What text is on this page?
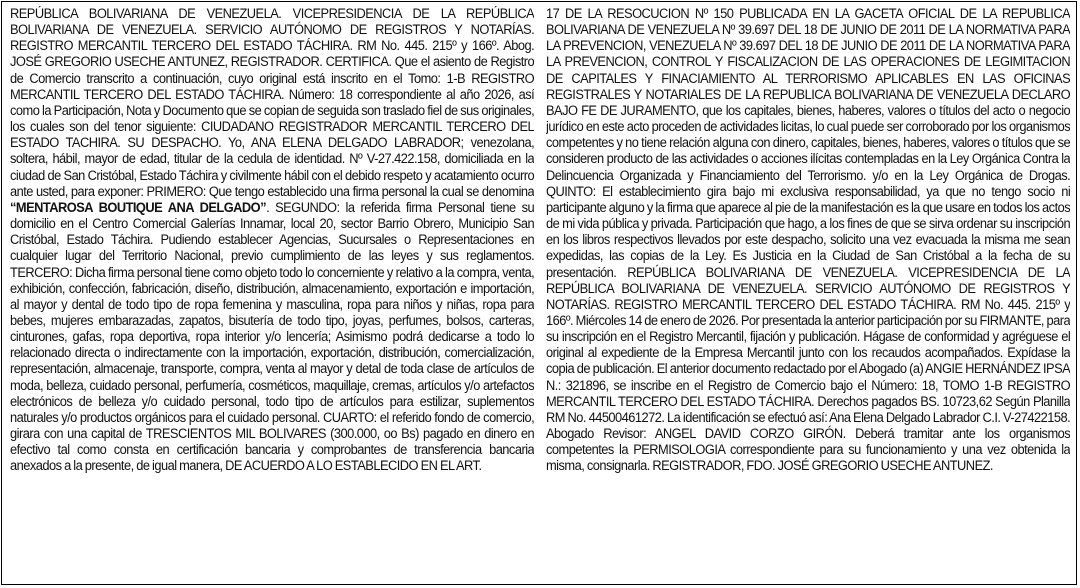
REPÚBLICA BOLIVARIANA DE VENEZUELA. VICEPRESIDENCIA DE LA REPÚBLICA BOLIVARIANA DE VENEZUELA. SERVICIO AUTÓNOMO DE REGISTROS Y NOTARÍAS. REGISTRO MERCANTIL TERCERO DEL ESTADO TÁCHIRA. RM No. 445. 215º y 166º. Abog. JOSÉ GREGORIO USECHE ANTUNEZ, REGISTRADOR. CERTIFICA. Que el asiento de Registro de Comercio transcrito a continuación, cuyo original está inscrito en el Tomo: 1-B REGISTRO MERCANTIL TERCERO DEL ESTADO TÁCHIRA. Número: 18 correspondiente al año 2026, así como la Participación, Nota y Documento que se copian de seguida son traslado fiel de sus originales, los cuales son del tenor siguiente: CIUDADANO REGISTRADOR MERCANTIL TERCERO DEL ESTADO TACHIRA. SU DESPACHO. Yo, ANA ELENA DELGADO LABRADOR; venezolana, soltera, hábil, mayor de edad, titular de la cedula de identidad. Nº V-27.422.158, domiciliada en la ciudad de San Cristóbal, Estado Táchira y civilmente hábil con el debido respeto y acatamiento ocurro ante usted, para exponer: PRIMERO: Que tengo establecido una firma personal la cual se denomina “MENTAROSA BOUTIQUE ANA DELGADO”. SEGUNDO: la referida firma Personal tiene su domicilio en el Centro Comercial Galerías Innamar, local 20, sector Barrio Obrero, Municipio San Cristóbal, Estado Táchira. Pudiendo establecer Agencias, Sucursales o Representaciones en cualquier lugar del Territorio Nacional, previo cumplimiento de las leyes y sus reglamentos. TERCERO: Dicha firma personal tiene como objeto todo lo concerniente y relativo a la compra, venta, exhibición, confección, fabricación, diseño, distribución, almacenamiento, exportación e importación, al mayor y dental de todo tipo de ropa femenina y masculina, ropa para niños y niñas, ropa para bebes, mujeres embarazadas, zapatos, bisutería de todo tipo, joyas, perfumes, bolsos, carteras, cinturones, gafas, ropa deportiva, ropa interior y/o lencería; Asimismo podrá dedicarse a todo lo relacionado directa o indirectamente con la importación, exportación, distribución, comercialización, representación, almacenaje, transporte, compra, venta al mayor y detal de toda clase de artículos de moda, belleza, cuidado personal, perfumería, cosméticos, maquillaje, cremas, artículos y/o artefactos electrónicos de belleza y/o cuidado personal, todo tipo de artículos para estilizar, suplementos naturales y/o productos orgánicos para el cuidado personal. CUARTO: el referido fondo de comercio, girara con una capital de TRESCIENTOS MIL BOLIVARES (300.000, oo Bs) pagado en dinero en efectivo tal como consta en certificación bancaria y comprobantes de transferencia bancaria anexados a la presente, de igual manera, DE ACUERDO A LO ESTABLECIDO EN EL ART.

17 DE LA RESOCUCION Nº 150 PUBLICADA EN LA GACETA OFICIAL DE LA REPUBLICA BOLIVARIANA DE VENEZUELA Nº 39.697 DEL 18 DE JUNIO DE 2011 DE LA NORMATIVA PARA LA PREVENCION, VENEZUELA Nº 39.697 DEL 18 DE JUNIO DE 2011 DE LA NORMATIVA PARA LA PREVENCION, CONTROL Y FISCALIZACION DE LAS OPERACIONES DE LEGIMITACION DE CAPITALES Y FINACIAMIENTO AL TERRORISMO APLICABLES EN LAS OFICINAS REGISTRALES Y NOTARIALES DE LA REPUBLICA BOLIVARIANA DE VENEZUELA DECLARO BAJO FE DE JURAMENTO, que los capitales, bienes, haberes, valores o títulos del acto o negocio jurídico en este acto proceden de actividades licitas, lo cual puede ser corroborado por los organismos competentes y no tiene relación alguna con dinero, capitales, bienes, haberes, valores o títulos que se consideren producto de las actividades o acciones ilícitas contempladas en la Ley Orgánica Contra la Delincuencia Organizada y Financiamiento del Terrorismo. y/o en la Ley Orgánica de Drogas. QUINTO: El establecimiento gira bajo mi exclusiva responsabilidad, ya que no tengo socio ni participante alguno y la firma que aparece al pie de la manifestación es la que usare en todos los actos de mi vida pública y privada. Participación que hago, a los fines de que se sirva ordenar su inscripción en los libros respectivos llevados por este despacho, solicito una vez evacuada la misma me sean expedidas, las copias de la Ley. Es Justicia en la Ciudad de San Cristóbal a la fecha de su presentación. REPÚBLICA BOLIVARIANA DE VENEZUELA. VICEPRESIDENCIA DE LA REPÚBLICA BOLIVARIANA DE VENEZUELA. SERVICIO AUTÓNOMO DE REGISTROS Y NOTARÍAS. REGISTRO MERCANTIL TERCERO DEL ESTADO TÁCHIRA. RM No. 445. 215º y 166º. Miércoles 14 de enero de 2026. Por presentada la anterior participación por su FIRMANTE, para su inscripción en el Registro Mercantil, fijación y publicación. Hágase de conformidad y agréguese el original al expediente de la Empresa Mercantil junto con los recaudos acompañados. Expídase la copia de publicación. El anterior documento redactado por el Abogado (a) ANGIE HERNÁNDEZ IPSA N.: 321896, se inscribe en el Registro de Comercio bajo el Número: 18, TOMO 1-B REGISTRO MERCANTIL TERCERO DEL ESTADO TÁCHIRA. Derechos pagados BS. 10723,62 Según Planilla RM No. 44500461272. La identificación se efectuó así: Ana Elena Delgado Labrador C.I. V-27422158. Abogado Revisor: ANGEL DAVID CORZO GIRÓN. Deberá tramitar ante los organismos competentes la PERMISOLOGIA correspondiente para su funcionamiento y una vez obtenida la misma, consignarla. REGISTRADOR, FDO. JOSÉ GREGORIO USECHE ANTUNEZ.
